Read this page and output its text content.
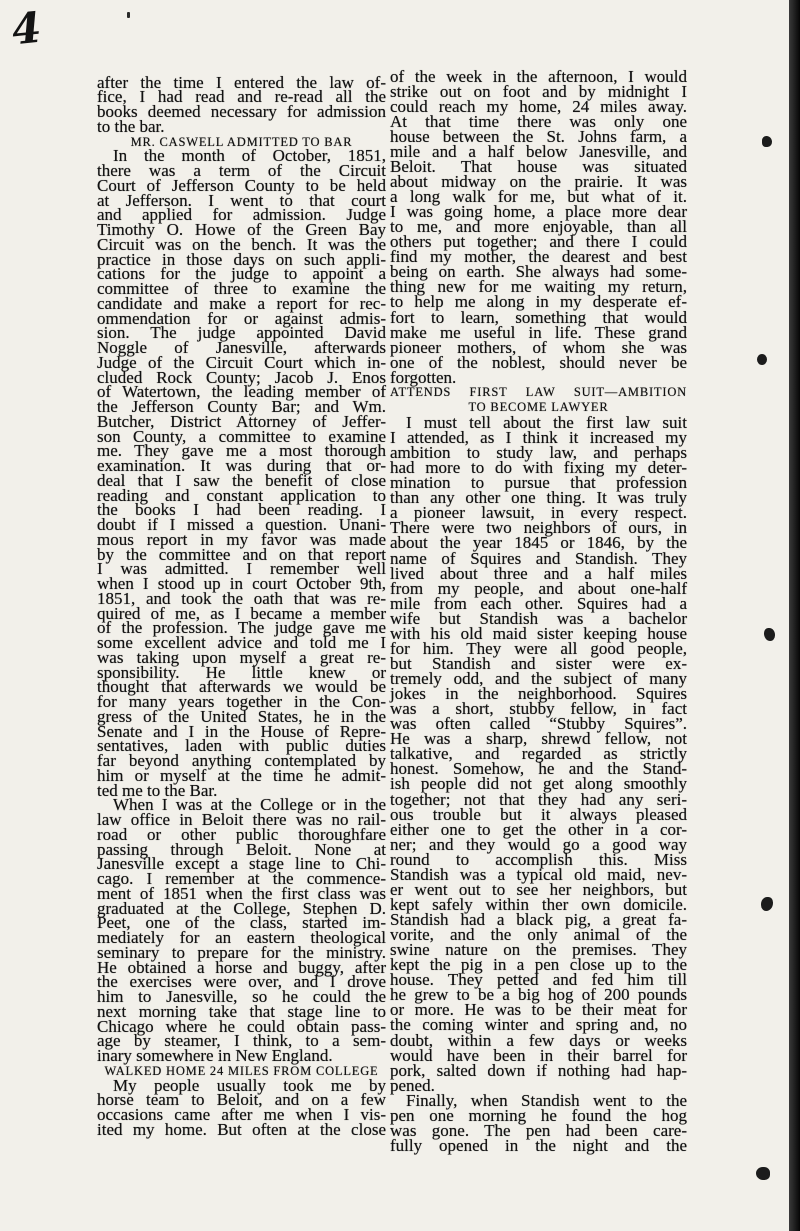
4
after the time I entered the law of-
fice, I had read and re-read all the
books deemed necessary for admission
to the bar.
MR. CASWELL ADMITTED TO BAR
In the month of October, 1851,
there was a term of the Circuit
Court of Jefferson County to be held
at Jefferson. I went to that court
and applied for admission. Judge
Timothy O. Howe of the Green Bay
Circuit was on the bench. It was the
practice in those days on such appli-
cations for the judge to appoint a
committee of three to examine the
candidate and make a report for rec-
ommendation for or against admis-
sion. The judge appointed David
Noggle of Janesville, afterwards
Judge of the Circuit Court which in-
cluded Rock County; Jacob J. Enos
of Watertown, the leading member of
the Jefferson County Bar; and Wm.
Butcher, District Attorney of Jeffer-
son County, a committee to examine
me. They gave me a most thorough
examination. It was during that or-
deal that I saw the benefit of close
reading and constant application to
the books I had been reading. I
doubt if I missed a question. Unani-
mous report in my favor was made
by the committee and on that report
I was admitted. I remember well
when I stood up in court October 9th,
1851, and took the oath that was re-
quired of me, as I became a member
of the profession. The judge gave me
some excellent advice and told me I
was taking upon myself a great re-
sponsibility. He little knew or
thought that afterwards we would be
for many years together in the Con-
gress of the United States, he in the
Senate and I in the House of Repre-
sentatives, laden with public duties
far beyond anything contemplated by
him or myself at the time he admit-
ted me to the Bar.
When I was at the College or in the
law office in Beloit there was no rail-
road or other public thoroughfare
passing through Beloit. None at
Janesville except a stage line to Chi-
cago. I remember at the commence-
ment of 1851 when the first class was
graduated at the College, Stephen D.
Peet, one of the class, started im-
mediately for an eastern theological
seminary to prepare for the ministry.
He obtained a horse and buggy, after
the exercises were over, and I drove
him to Janesville, so he could the
next morning take that stage line to
Chicago where he could obtain pass-
age by steamer, I think, to a sem-
inary somewhere in New England.
WALKED HOME 24 MILES FROM COLLEGE
My people usually took me by
horse team to Beloit, and on a few
occasions came after me when I vis-
ited my home. But often at the close
of the week in the afternoon, I would
strike out on foot and by midnight I
could reach my home, 24 miles away.
At that time there was only one
house between the St. Johns farm, a
mile and a half below Janesville, and
Beloit. That house was situated
about midway on the prairie. It was
a long walk for me, but what of it.
I was going home, a place more dear
to me, and more enjoyable, than all
others put together; and there I could
find my mother, the dearest and best
being on earth. She always had some-
thing new for me waiting my return,
to help me along in my desperate ef-
fort to learn, something that would
make me useful in life. These grand
pioneer mothers, of whom she was
one of the noblest, should never be
forgotten.
ATTENDS FIRST LAW SUIT—AMBITION
TO BECOME LAWYER
I must tell about the first law suit
I attended, as I think it increased my
ambition to study law, and perhaps
had more to do with fixing my deter-
mination to pursue that profession
than any other one thing. It was truly
a pioneer lawsuit, in every respect.
There were two neighbors of ours, in
about the year 1845 or 1846, by the
name of Squires and Standish. They
lived about three and a half miles
from my people, and about one-half
mile from each other. Squires had a
wife but Standish was a bachelor
with his old maid sister keeping house
for him. They were all good people,
but Standish and sister were ex-
tremely odd, and the subject of many
jokes in the neighborhood. Squires
was a short, stubby fellow, in fact
was often called “Stubby Squires”.
He was a sharp, shrewd fellow, not
talkative, and regarded as strictly
honest. Somehow, he and the Stand-
ish people did not get along smoothly
together; not that they had any seri-
ous trouble but it always pleased
either one to get the other in a cor-
ner; and they would go a good way
round to accomplish this. Miss
Standish was a typical old maid, nev-
er went out to see her neighbors, but
kept safely within ther own domicile.
Standish had a black pig, a great fa-
vorite, and the only animal of the
swine nature on the premises. They
kept the pig in a pen close up to the
house. They petted and fed him till
he grew to be a big hog of 200 pounds
or more. He was to be their meat for
the coming winter and spring and, no
doubt, within a few days or weeks
would have been in their barrel for
pork, salted down if nothing had hap-
pened.
Finally, when Standish went to the
pen one morning he found the hog
was gone. The pen had been care-
fully opened in the night and the
